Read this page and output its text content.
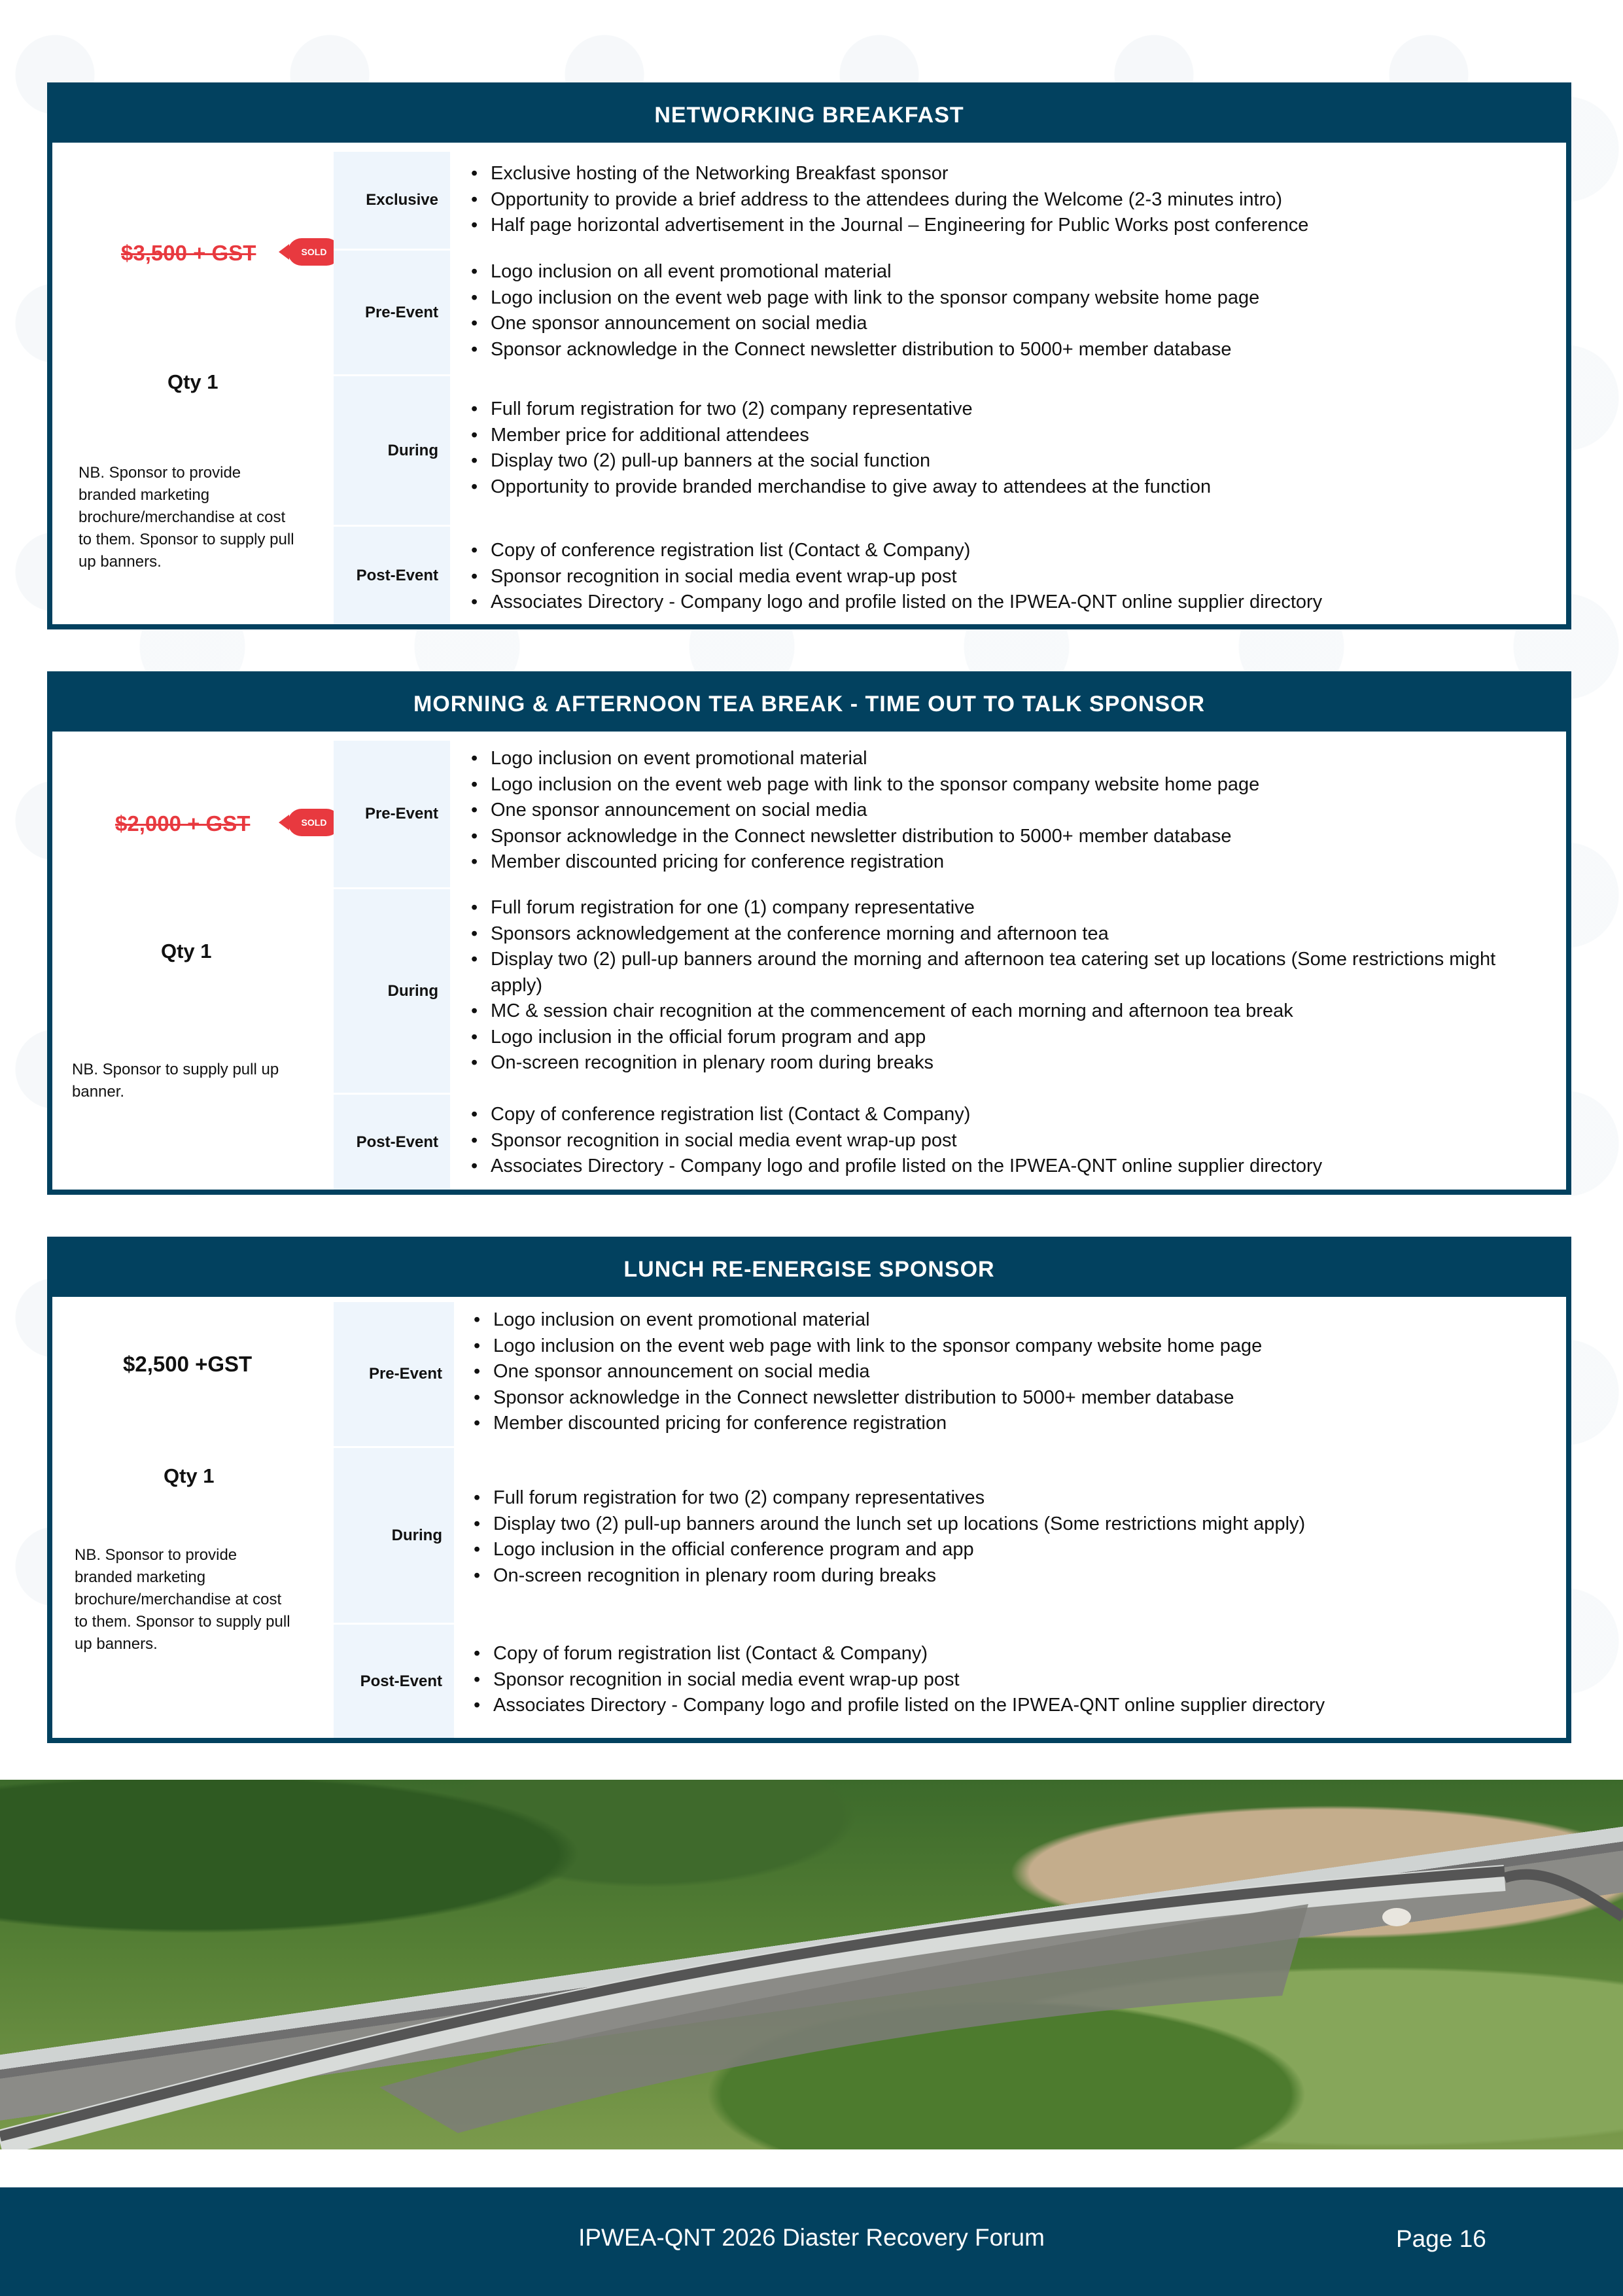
NETWORKING BREAKFAST
$3,500 + GST	SOLD
Qty 1
NB. Sponsor to provide branded marketing brochure/merchandise at cost to them. Sponsor to supply pull up banners.
Exclusive
• Exclusive hosting of the Networking Breakfast sponsor
• Opportunity to provide a brief address to the attendees during the Welcome (2-3 minutes intro)
• Half page horizontal advertisement in the Journal – Engineering for Public Works post conference
Pre-Event
• Logo inclusion on all event promotional material
• Logo inclusion on the event web page with link to the sponsor company website home page
• One sponsor announcement on social media
• Sponsor acknowledge in the Connect newsletter distribution to 5000+ member database
During
• Full forum registration for two (2) company representative
• Member price for additional attendees
• Display two (2) pull-up banners at the social function
• Opportunity to provide branded merchandise to give away to attendees at the function
Post-Event
• Copy of conference registration list (Contact & Company)
• Sponsor recognition in social media event wrap-up post
• Associates Directory - Company logo and profile listed on the IPWEA-QNT online supplier directory
MORNING & AFTERNOON TEA BREAK - TIME OUT TO TALK SPONSOR
$2,000 + GST	SOLD
Qty 1
NB. Sponsor to supply pull up banner.
Pre-Event
• Logo inclusion on event promotional material
• Logo inclusion on the event web page with link to the sponsor company website home page
• One sponsor announcement on social media
• Sponsor acknowledge in the Connect newsletter distribution to 5000+ member database
• Member discounted pricing for conference registration
During
• Full forum registration for one (1) company representative
• Sponsors acknowledgement at the conference morning and afternoon tea
• Display two (2) pull-up banners around the morning and afternoon tea catering set up locations (Some restrictions might apply)
• MC & session chair recognition at the commencement of each morning and afternoon tea break
• Logo inclusion in the official forum program and app
• On-screen recognition in plenary room during breaks
Post-Event
• Copy of conference registration list (Contact & Company)
• Sponsor recognition in social media event wrap-up post
• Associates Directory - Company logo and profile listed on the IPWEA-QNT online supplier directory
LUNCH RE-ENERGISE SPONSOR
$2,500 +GST
Qty 1
NB. Sponsor to provide branded marketing brochure/merchandise at cost to them. Sponsor to supply pull up banners.
Pre-Event
• Logo inclusion on event promotional material
• Logo inclusion on the event web page with link to the sponsor company website home page
• One sponsor announcement on social media
• Sponsor acknowledge in the Connect newsletter distribution to 5000+ member database
• Member discounted pricing for conference registration
During
• Full forum registration for two (2) company representatives
• Display two (2) pull-up banners around the lunch set up locations (Some restrictions might apply)
• Logo inclusion in the official conference program and app
• On-screen recognition in plenary room during breaks
Post-Event
• Copy of forum registration list (Contact & Company)
• Sponsor recognition in social media event wrap-up post
• Associates Directory - Company logo and profile listed on the IPWEA-QNT online supplier directory
IPWEA-QNT 2026 Diaster Recovery Forum	Page 16
